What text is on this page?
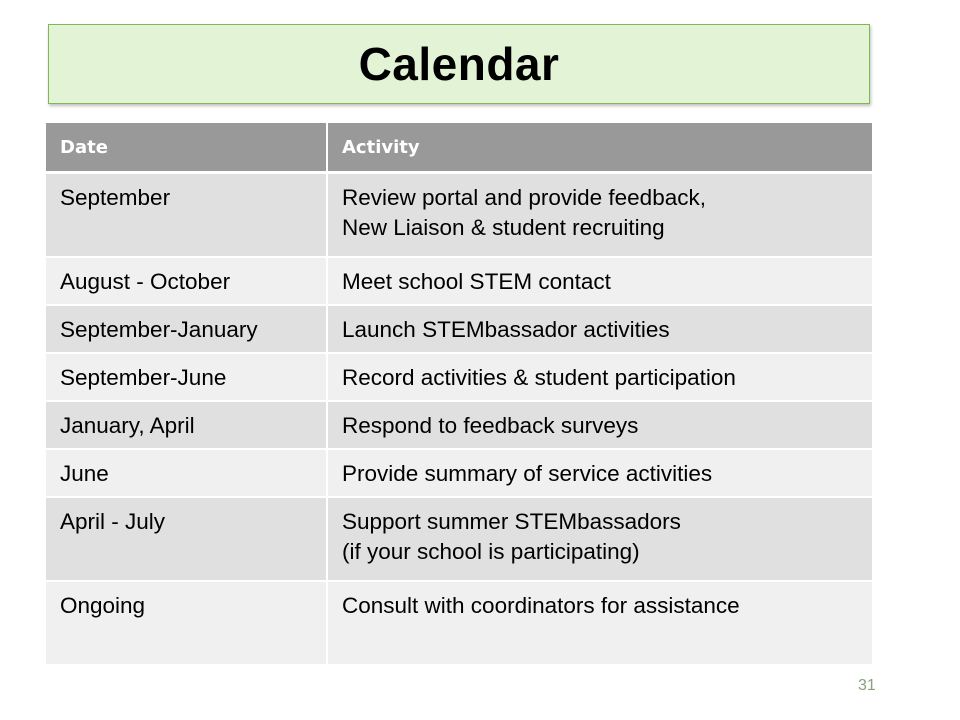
Calendar
Date	Activity

September	Review portal and provide feedback,
New Liaison & student recruiting

August - October	Meet school STEM contact

September-January	Launch STEMbassador activities

September-June	Record activities & student participation

January, April	Respond to feedback surveys

June	Provide summary of service activities

April - July	Support summer STEMbassadors
(if your school is participating)

Ongoing	Consult with coordinators for assistance
31
